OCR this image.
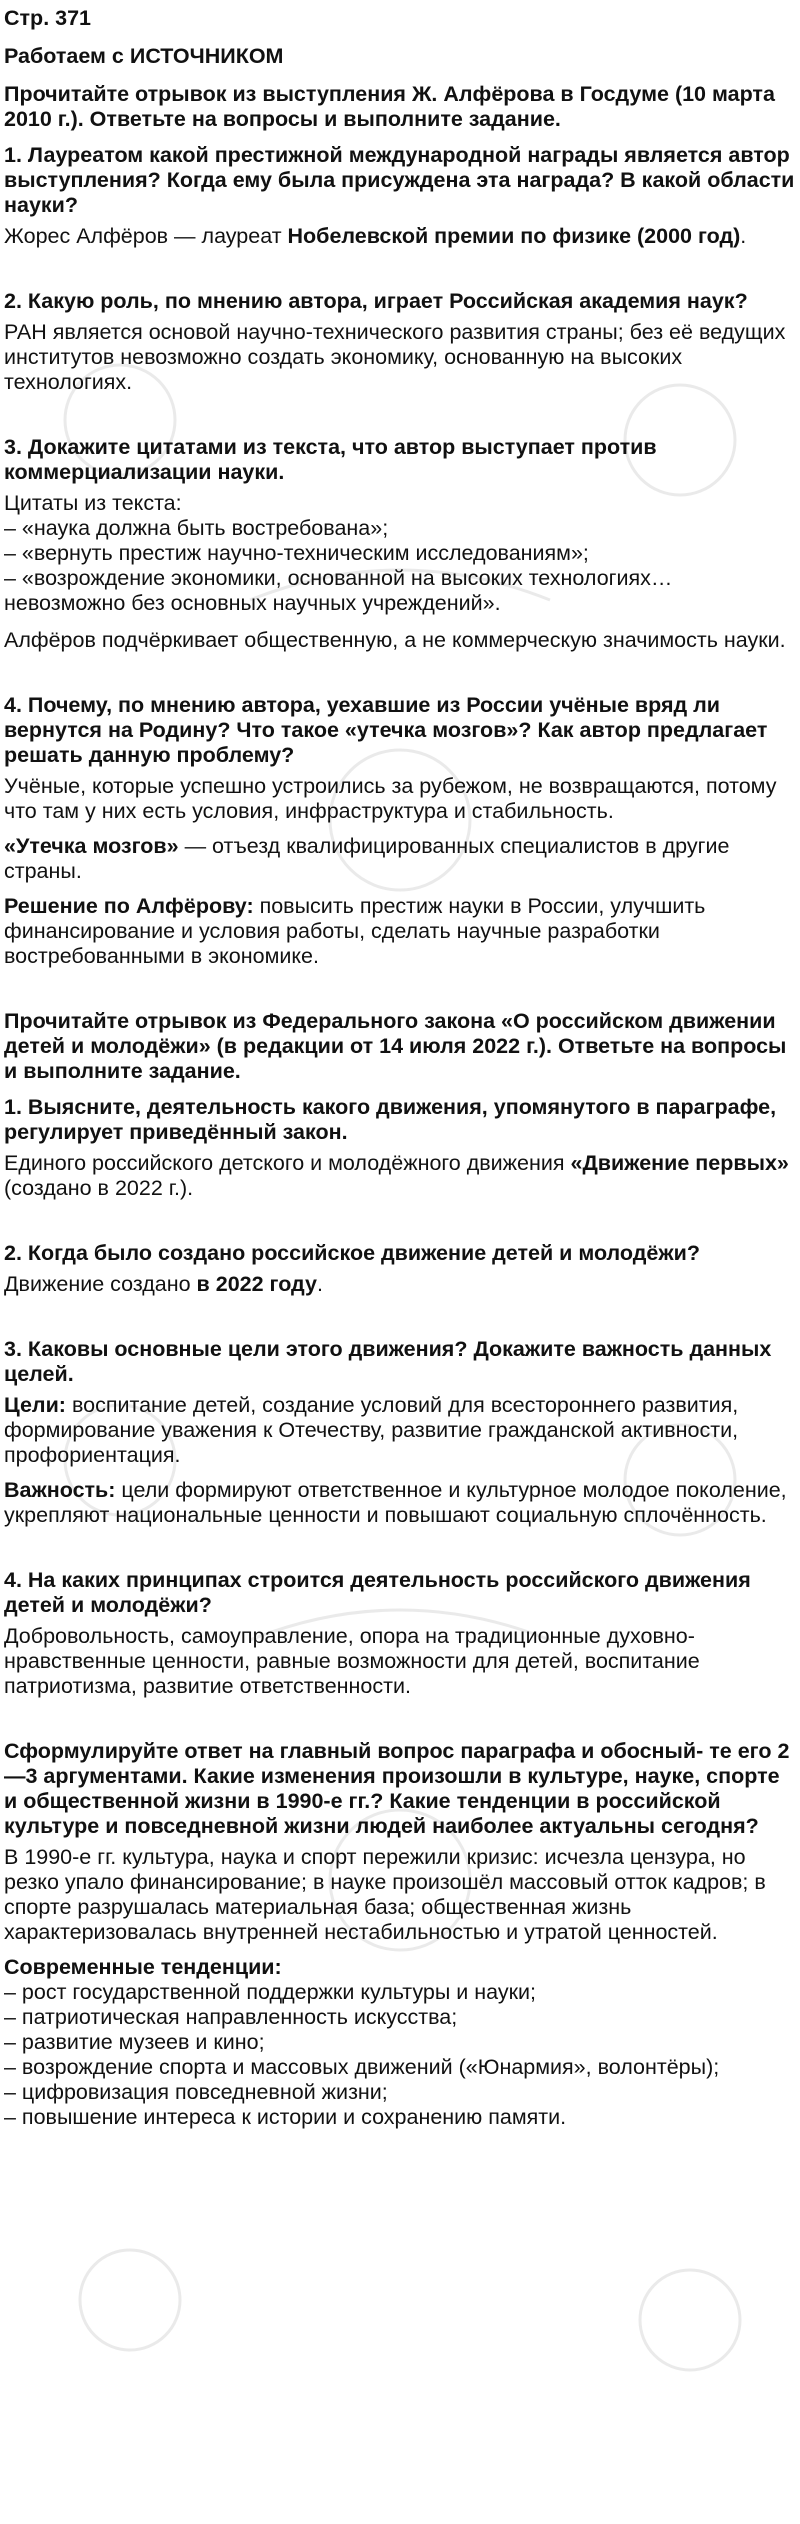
Стр. 371

Работаем с ИСТОЧНИКОМ

Прочитайте отрывок из выступления Ж. Алфёрова в Госдуме (10 марта 2010 г.). Ответьте на вопросы и выполните задание.

1. Лауреатом какой престижной международной награды является автор выступления? Когда ему была присуждена эта награда? В какой области науки?

Жорес Алфёров — лауреат Нобелевской премии по физике (2000 год).

2. Какую роль, по мнению автора, играет Российская академия наук?

РАН является основой научно-технического развития страны; без её ведущих институтов невозможно создать экономику, основанную на высоких технологиях.

3. Докажите цитатами из текста, что автор выступает против коммерциализации науки.

Цитаты из текста:

– «наука должна быть востребована»;
– «вернуть престиж научно-техническим исследованиям»;
– «возрождение экономики, основанной на высоких технологиях… невозможно без основных научных учреждений».

Алфёров подчёркивает общественную, а не коммерческую значимость науки.

4. Почему, по мнению автора, уехавшие из России учёные вряд ли вернутся на Родину? Что такое «утечка мозгов»? Как автор предлагает решать данную проблему?

Учёные, которые успешно устроились за рубежом, не возвращаются, потому что там у них есть условия, инфраструктура и стабильность.

«Утечка мозгов» — отъезд квалифицированных специалистов в другие страны.

Решение по Алфёрову: повысить престиж науки в России, улучшить финансирование и условия работы, сделать научные разработки востребованными в экономике.

Прочитайте отрывок из Федерального закона «О российском движении детей и молодёжи» (в редакции от 14 июля 2022 г.). Ответьте на вопросы и выполните задание.

1. Выясните, деятельность какого движения, упомянутого в параграфе, регулирует приведённый закон.

Единого российского детского и молодёжного движения «Движение первых» (создано в 2022 г.).

2. Когда было создано российское движение детей и молодёжи?

Движение создано в 2022 году.

3. Каковы основные цели этого движения? Докажите важность данных целей.

Цели: воспитание детей, создание условий для всестороннего развития, формирование уважения к Отечеству, развитие гражданской активности, профориентация.

Важность: цели формируют ответственное и культурное молодое поколение, укрепляют национальные ценности и повышают социальную сплочённость.

4. На каких принципах строится деятельность российского движения детей и молодёжи?

Добровольность, самоуправление, опора на традиционные духовно-нравственные ценности, равные возможности для детей, воспитание патриотизма, развитие ответственности.

Сформулируйте ответ на главный вопрос параграфа и обосный- те его 2—3 аргументами. Какие изменения произошли в культуре, науке, спорте и общественной жизни в 1990-е гг.? Какие тенденции в российской культуре и повседневной жизни людей наиболее актуальны сегодня?

В 1990-е гг. культура, наука и спорт пережили кризис: исчезла цензура, но резко упало финансирование; в науке произошёл массовый отток кадров; в спорте разрушалась материальная база; общественная жизнь характеризовалась внутренней нестабильностью и утратой ценностей.

Современные тенденции:

– рост государственной поддержки культуры и науки;
– патриотическая направленность искусства;
– развитие музеев и кино;
– возрождение спорта и массовых движений («Юнармия», волонтёры);
– цифровизация повседневной жизни;
– повышение интереса к истории и сохранению памяти.
